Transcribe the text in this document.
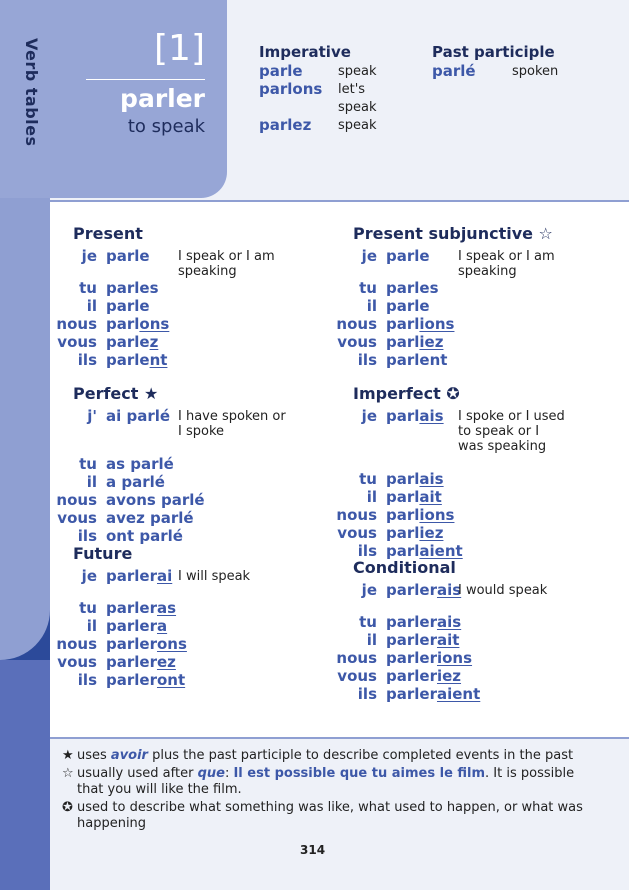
[1]
parler
to speak
Verb tables	Imperative
parle	speak
parlons let's
speak
parlez speak
Past participle
parlé	spoken
Present
je parle I speak or I am speaking
tu parles
il parle
nous parlons
vous parlez
ils parlent
Perfect ★
j' ai parlé I have spoken or I spoke
tu as parlé
il a parlé
nous avons parlé
vous avez parlé
ils ont parlé
Future
je parlerai I will speak
tu parleras
il parlera
nous parlerons
vous parlerez
ils parleront
Present subjunctive ☆
je parle I speak or I am speaking
tu parles
il parle
nous parlions
vous parliez
ils parlent
Imperfect ✪
je parlais I spoke or I used to speak or I was speaking
tu parlais
il parlait
nous parlions
vous parliez
ils parlaient
Conditional
je parlerais
I would speak
tu parlerais
il parlerait
nous parlerions
vous parleriez
ils parleraient
★ uses avoir plus the past participle to describe completed events in the past
☆ usually used after que: Il est possible que tu aimes le film. It is possible that you will like the film.
✪ used to describe what something was like, what used to happen, or what was happening
314
